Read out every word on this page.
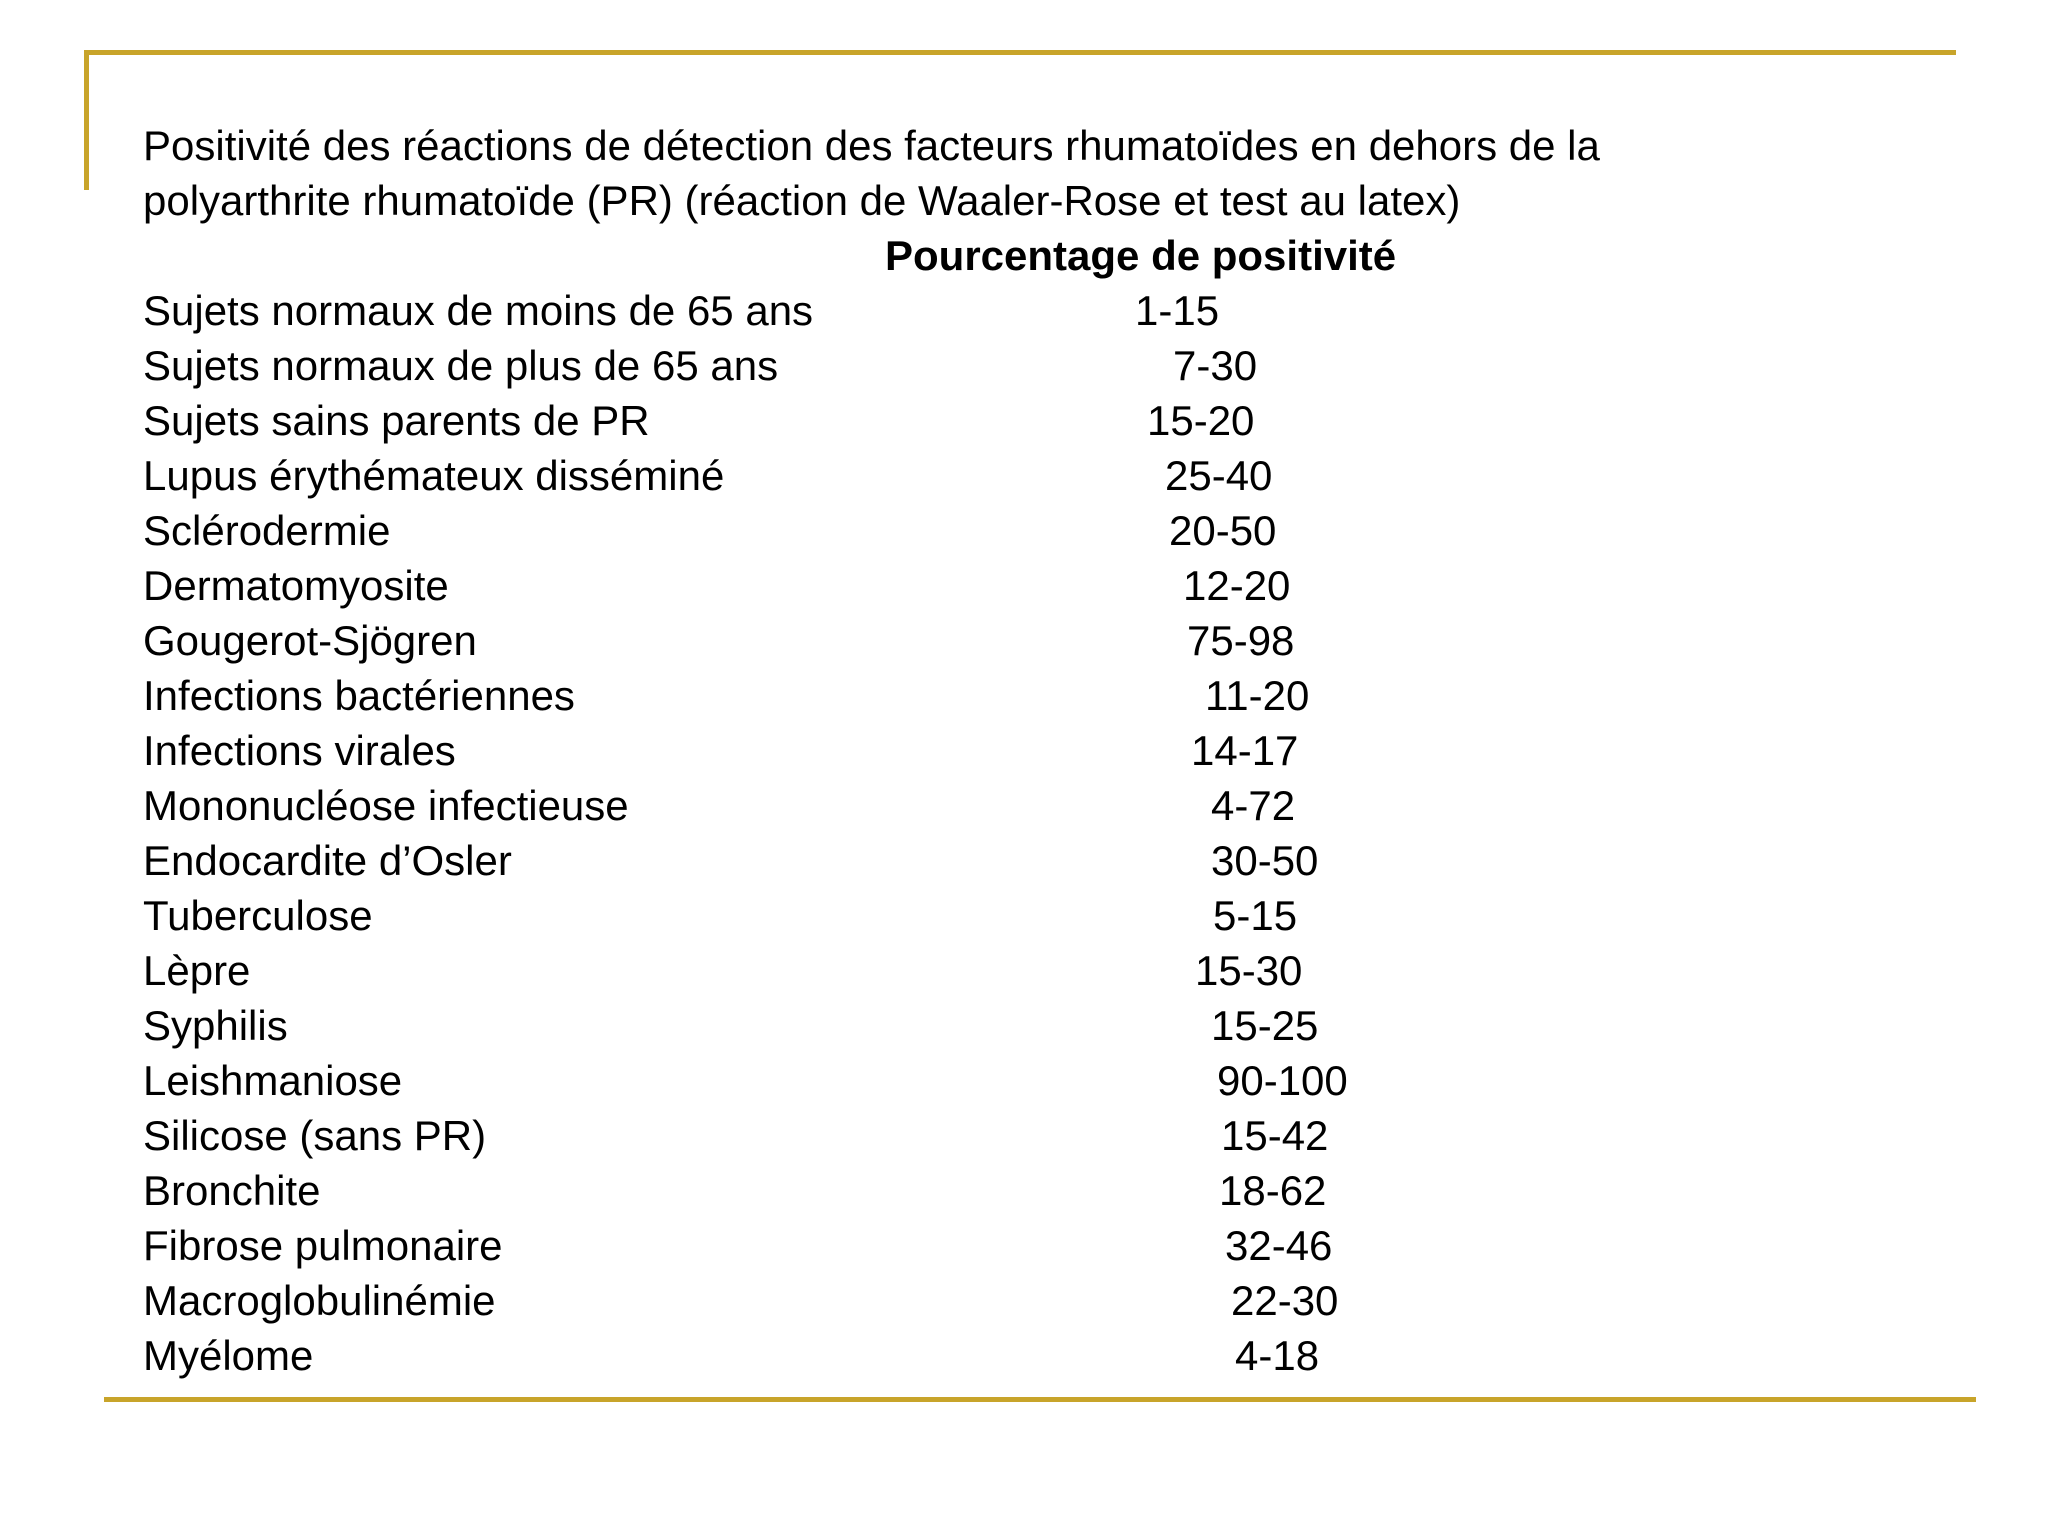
Positivité des réactions de détection des facteurs rhumatoïdes en dehors de la polyarthrite rhumatoïde (PR) (réaction de Waaler-Rose et test au latex)

Pourcentage de positivité
Sujets normaux de moins de 65 ans	1-15
Sujets normaux de plus de 65 ans	7-30
Sujets sains parents de PR	15-20
Lupus érythémateux disséminé	25-40
Sclérodermie	20-50
Dermatomyosite	12-20
Gougerot-Sjögren	75-98
Infections bactériennes	11-20
Infections virales	14-17
Mononucléose infectieuse	4-72
Endocardite d’Osler	30-50
Tuberculose	5-15
Lèpre	15-30
Syphilis	15-25
Leishmaniose	90-100
Silicose (sans PR)	15-42
Bronchite	18-62
Fibrose pulmonaire	32-46
Macroglobulinémie	22-30
Myélome	4-18
